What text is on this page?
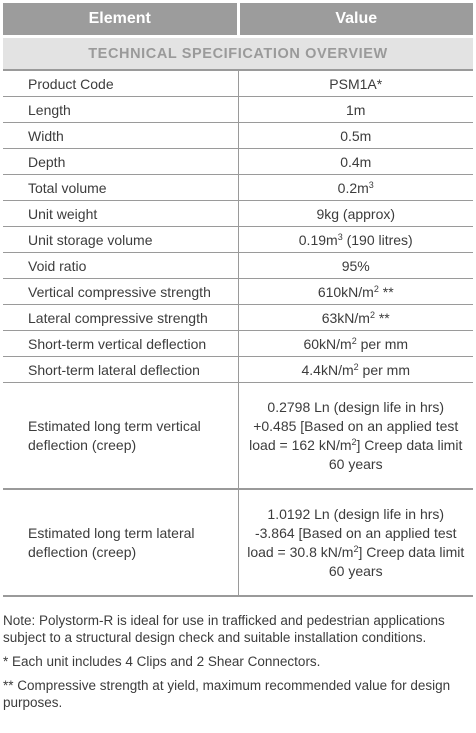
Element	Value
TECHNICAL SPECIFICATION OVERVIEW	
Product Code	PSM1A*
Length	1m
Width	0.5m
Depth	0.4m
Total volume	$0.2m^3$
Unit weight	9kg (approx)
Unit storage volume	$0.19m^3$ (190 litres)
Void ratio	95%
Vertical compressive strength	$610kN/m^2$ **
Lateral compressive strength	$63kN/m^2$ **
Short-term vertical deflection	$60kN/m^2$ per mm
Short-term lateral deflection	$4.4kN/m^2$ per mm
Estimated long term vertical deflection (creep)	0.2798 Ln (design life in hrs) +0.485 [Based on an applied test load = 162 $kN/m^2$] Creep data limit 60 years
Estimated long term lateral deflection (creep)	1.0192 Ln (design life in hrs) -3.864 [Based on an applied test load = 30.8 $kN/m^2$] Creep data limit 60 years

Note: Polystorm-R is ideal for use in trafficked and pedestrian applications subject to a structural design check and suitable installation conditions.

* Each unit includes 4 Clips and 2 Shear Connectors.

** Compressive strength at yield, maximum recommended value for design purposes.
